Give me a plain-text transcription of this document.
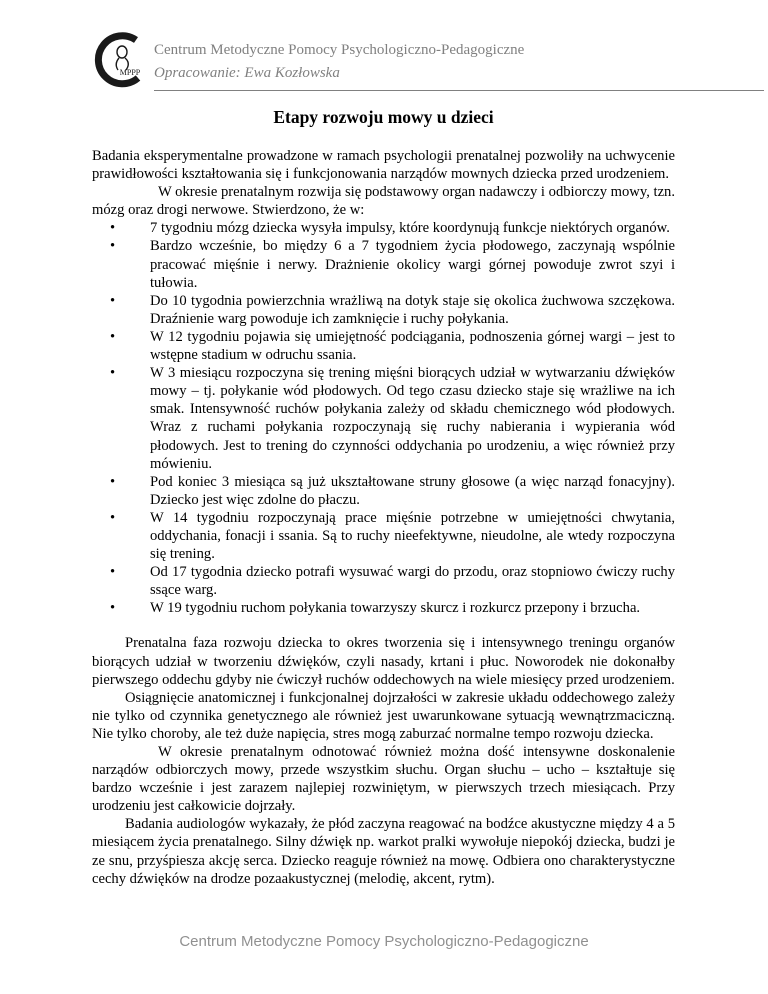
MPPP
Centrum Metodyczne Pomocy Psychologiczno-Pedagogiczne
Opracowanie: Ewa Kozłowska
Etapy rozwoju mowy u dzieci

Badania eksperymentalne prowadzone w ramach psychologii prenatalnej pozwoliły na uchwycenie prawidłowości kształtowania się i funkcjonowania narządów mownych dziecka przed urodzeniem.

W okresie prenatalnym rozwija się podstawowy organ nadawczy i odbiorczy mowy, tzn. mózg oraz drogi nerwowe. Stwierdzono, że w:

• 7 tygodniu mózg dziecka wysyła impulsy, które koordynują funkcje niektórych organów.
• Bardzo wcześnie, bo między 6 a 7 tygodniem życia płodowego, zaczynają wspólnie pracować mięśnie i nerwy. Drażnienie okolicy wargi górnej powoduje zwrot szyi i tułowia.
• Do 10 tygodnia powierzchnia wrażliwą na dotyk staje się okolica żuchwowa szczękowa. Draźnienie warg powoduje ich zamknięcie i ruchy połykania.
• W 12 tygodniu pojawia się umiejętność podciągania, podnoszenia górnej wargi – jest to wstępne stadium w odruchu ssania.
• W 3 miesiącu rozpoczyna się trening mięśni biorących udział w wytwarzaniu dźwięków mowy – tj. połykanie wód płodowych. Od tego czasu dziecko staje się wrażliwe na ich smak. Intensywność ruchów połykania zależy od składu chemicznego wód płodowych. Wraz z ruchami połykania rozpoczynają się ruchy nabierania i wypierania wód płodowych. Jest to trening do czynności oddychania po urodzeniu, a więc również przy mówieniu.
• Pod koniec 3 miesiąca są już ukształtowane struny głosowe (a więc narząd fonacyjny). Dziecko jest więc zdolne do płaczu.
• W 14 tygodniu rozpoczynają prace mięśnie potrzebne w umiejętności chwytania, oddychania, fonacji i ssania. Są to ruchy nieefektywne, nieudolne, ale wtedy rozpoczyna się trening.
• Od 17 tygodnia dziecko potrafi wysuwać wargi do przodu, oraz stopniowo ćwiczy ruchy ssące warg.
• W 19 tygodniu ruchom połykania towarzyszy skurcz i rozkurcz przepony i brzucha.

Prenatalna faza rozwoju dziecka to okres tworzenia się i intensywnego treningu organów biorących udział w tworzeniu dźwięków, czyli nasady, krtani i płuc. Noworodek nie dokonałby pierwszego oddechu gdyby nie ćwiczył ruchów oddechowych na wiele miesięcy przed urodzeniem.

Osiągnięcie anatomicznej i funkcjonalnej dojrzałości w zakresie układu oddechowego zależy nie tylko od czynnika genetycznego ale również jest uwarunkowane sytuacją wewnątrzmaciczną. Nie tylko choroby, ale też duże napięcia, stres mogą zaburzać normalne tempo rozwoju dziecka.

W okresie prenatalnym odnotować również można dość intensywne doskonalenie narządów odbiorczych mowy, przede wszystkim słuchu. Organ słuchu – ucho – kształtuje się bardzo wcześnie i jest zarazem najlepiej rozwiniętym, w pierwszych trzech miesiącach. Przy urodzeniu jest całkowicie dojrzały.

Badania audiologów wykazały, że płód zaczyna reagować na bodźce akustyczne między 4 a 5 miesiącem życia prenatalnego. Silny dźwięk np. warkot pralki wywołuje niepokój dziecka, budzi je ze snu, przyśpiesza akcję serca. Dziecko reaguje również na mowę. Odbiera ono charakterystyczne cechy dźwięków na drodze pozaakustycznej (melodię, akcent, rytm).

Centrum Metodyczne Pomocy Psychologiczno-Pedagogiczne
